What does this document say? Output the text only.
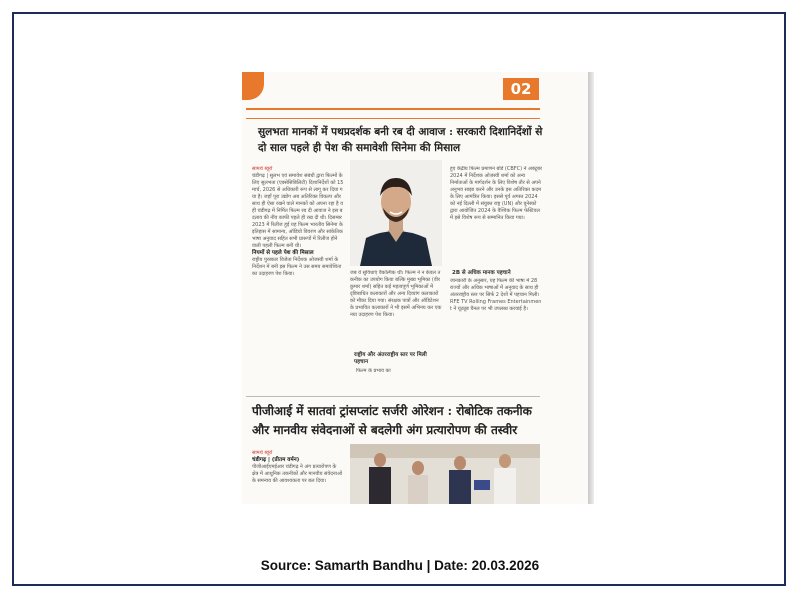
02
सुलभता मानकों में पथप्रदर्शक बनी रब दी आवाज : सरकारी दिशानिर्देशों से दो साल पहले ही पेश की समावेशी सिनेमा की मिसाल
सामर्थ ब्यूरो
चंडीगढ़ | सुलभ एवं समावेश संबंधी द्वारा फिल्मों के लिए सुलभता (एक्सेसिबिलिटी) दिशानिर्देशों को 15 मार्च, 2026 से अधिकारी रूप से लागू कर दिया गया है। जहाँ पूरा उद्योग अब अतिरिक्त विकल्प और साथ ही ऐसा रखने वाले मानकों को अपना रहा है वहीं चंडीगढ़ में निर्मित फिल्म रब दी आवाज ने इस बदलाव की नींव काफी पहले ही रख दी थी। दिसम्बर 2023 में रिलीज हुई यह फिल्म भारतीय सिनेमा के इतिहास में सामान्य, ऑडियो विवरण और सांकेतिक भाषा अनुवाद सहित सभी प्रारूपों में रिलीज होने वाली पहली फिल्म बनी थी।
नियमों से पहले पेश की मिसाल
राष्ट्रीय पुरस्कार विजेता निर्देशक ओजस्वी शर्मा के निर्देशन में बनी इस फिल्म ने उस समय समावेशिता का उदाहरण पेश किया।	जब ये सुविधाएं वैकल्पिक थीं। फिल्म ने न केवल तकनीक का उपयोग किया बल्कि मुख्य भूमिका (वीर कुमार शर्मा) सहित कई महत्वपूर्ण भूमिकाओं में दृष्टिबाधित कलाकारों और अन्य दिव्यांग कलाकारों को मौका दिया गया। संरक्षक पात्रों और ऑडिटेशन के प्रभावित कलाकारों ने भी इसमें अभिनय कर एक नया उदाहरण पेश किया।
राष्ट्रीय और अंतरराष्ट्रीय स्तर पर मिली पहचान
फिल्म के प्रभाव का
हुए केंद्रीय फिल्म प्रमाणन बोर्ड (CBFC) ने अक्टूबर 2024 में निर्देशक ओजस्वी शर्मा को अन्य निर्माताओं के मार्गदर्शन के लिए विशेष तौर से अपने अनुभव साझा करने और उनके इस अतिरिक्त कदम के लिए आमंत्रित किया। इससे पूर्व अगस्त 2024 को नई दिल्ली में संयुक्त राष्ट्र (UN) और यूनेस्को द्वारा आयोजित 2024 के वैश्विक फिल्म फेस्टिवल में इसे विशेष रूप से सम्मानित किया गया।
2B से अधिक मानक पहचाने
जानकारी के अनुसार, यह फिल्म की भाषा में 28 राज्यों और अधिक भाषाओं में अनुवाद के साथ ही अंतरराष्ट्रीय स्तर पर सिर्फ 2 देशों में पहचान मिली। RFE TV Rolling Frames Entertainment ने यूट्यूब चैनल पर भी उपलब्ध करवाई है।
पीजीआई में सातवां ट्रांसप्लांट सर्जरी ओरेशन : रोबोटिक तकनीक और मानवीय संवेदनाओं से बदलेगी अंग प्रत्यारोपण की तस्वीर
सामर्थ ब्यूरो
चंडीगढ़ | (प्रीतम वर्मन)
पीजीआईएमईआर चंडीगढ़ ने अंग प्रत्यारोपण के क्षेत्र में आधुनिक तकनीकों और मानवीय संवेदनाओं के समन्वय की आवश्यकता पर बल दिया।
Source: Samarth Bandhu | Date: 20.03.2026
